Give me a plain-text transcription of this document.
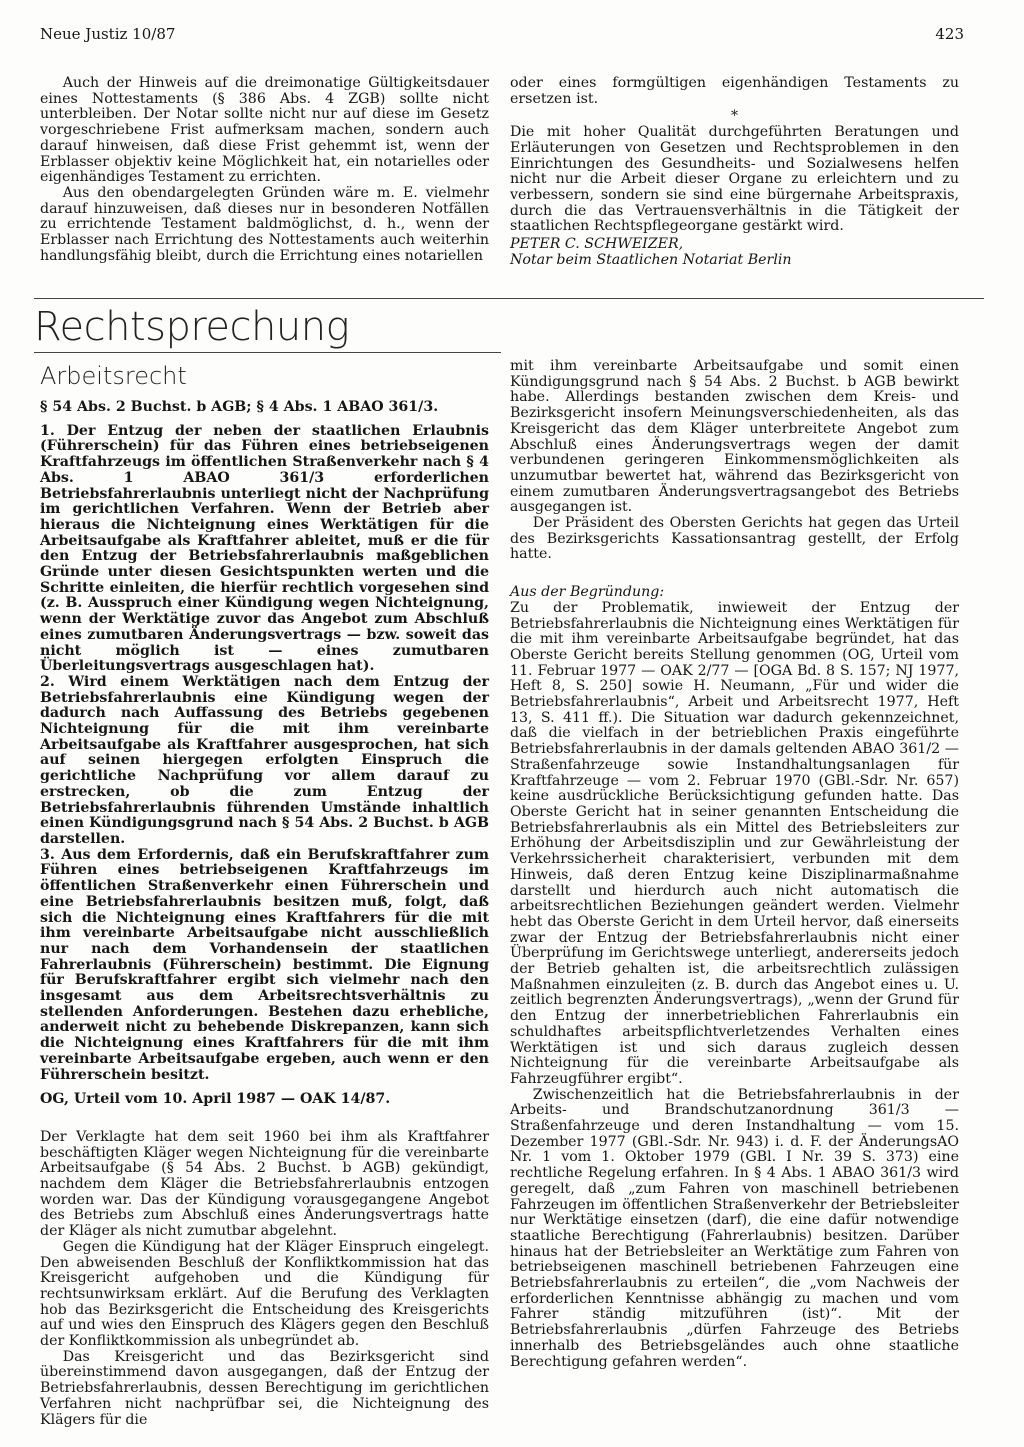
Neue Justiz 10/87	423

Auch der Hinweis auf die dreimonatige Gültigkeitsdauer eines Nottestaments (§ 386 Abs. 4 ZGB) sollte nicht unterbleiben. Der Notar sollte nicht nur auf diese im Gesetz vorgeschriebene Frist aufmerksam machen, sondern auch darauf hinweisen, daß diese Frist gehemmt ist, wenn der Erblasser objektiv keine Möglichkeit hat, ein notarielles oder eigenhändiges Testament zu errichten.

Aus den obendargelegten Gründen wäre m. E. vielmehr darauf hinzuweisen, daß dieses nur in besonderen Notfällen zu errichtende Testament baldmöglichst, d. h., wenn der Erblasser nach Errichtung des Nottestaments auch weiterhin handlungsfähig bleibt, durch die Errichtung eines notariellen

oder eines formgültigen eigenhändigen Testaments zu ersetzen ist.

*

Die mit hoher Qualität durchgeführten Beratungen und Erläuterungen von Gesetzen und Rechtsproblemen in den Einrichtungen des Gesundheits- und Sozialwesens helfen nicht nur die Arbeit dieser Organe zu erleichtern und zu verbessern, sondern sie sind eine bürgernahe Arbeitspraxis, durch die das Vertrauensverhältnis in die Tätigkeit der staatlichen Rechtspflegeorgane gestärkt wird.

PETER C. SCHWEIZER,

Notar beim Staatlichen Notariat Berlin

Rechtsprechung
Arbeitsrecht

§ 54 Abs. 2 Buchst. b AGB; § 4 Abs. 1 ABAO 361/3.

1. Der Entzug der neben der staatlichen Erlaubnis (Führerschein) für das Führen eines betriebseigenen Kraftfahrzeugs im öffentlichen Straßenverkehr nach § 4 Abs. 1 ABAO 361/3 erforderlichen Betriebsfahrerlaubnis unterliegt nicht der Nachprüfung im gerichtlichen Verfahren. Wenn der Betrieb aber hieraus die Nichteignung eines Werktätigen für die Arbeitsaufgabe als Kraftfahrer ableitet, muß er die für den Entzug der Betriebsfahrerlaubnis maßgeblichen Gründe unter diesen Gesichtspunkten werten und die Schritte einleiten, die hierfür rechtlich vorgesehen sind (z. B. Ausspruch einer Kündigung wegen Nichteignung, wenn der Werktätige zuvor das Angebot zum Abschluß eines zumutbaren Änderungsvertrags — bzw. soweit das nicht möglich ist — eines zumutbaren Überleitungsvertrags ausgeschlagen hat).

2. Wird einem Werktätigen nach dem Entzug der Betriebsfahrerlaubnis eine Kündigung wegen der dadurch nach Auffassung des Betriebs gegebenen Nichteignung für die mit ihm vereinbarte Arbeitsaufgabe als Kraftfahrer ausgesprochen, hat sich auf seinen hiergegen erfolgten Einspruch die gerichtliche Nachprüfung vor allem darauf zu erstrecken, ob die zum Entzug der Betriebsfahrerlaubnis führenden Umstände inhaltlich einen Kündigungsgrund nach § 54 Abs. 2 Buchst. b AGB darstellen.

3. Aus dem Erfordernis, daß ein Berufskraftfahrer zum Führen eines betriebseigenen Kraftfahrzeugs im öffentlichen Straßenverkehr einen Führerschein und eine Betriebsfahrerlaubnis besitzen muß, folgt, daß sich die Nichteignung eines Kraftfahrers für die mit ihm vereinbarte Arbeitsaufgabe nicht ausschließlich nur nach dem Vorhandensein der staatlichen Fahrerlaubnis (Führerschein) bestimmt. Die Eignung für Berufskraftfahrer ergibt sich vielmehr nach den insgesamt aus dem Arbeitsrechtsverhältnis zu stellenden Anforderungen. Bestehen dazu erhebliche, anderweit nicht zu behebende Diskrepanzen, kann sich die Nichteignung eines Kraftfahrers für die mit ihm vereinbarte Arbeitsaufgabe ergeben, auch wenn er den Führerschein besitzt.

OG, Urteil vom 10. April 1987 — OAK 14/87.

Der Verklagte hat dem seit 1960 bei ihm als Kraftfahrer beschäftigten Kläger wegen Nichteignung für die vereinbarte Arbeitsaufgabe (§ 54 Abs. 2 Buchst. b AGB) gekündigt, nachdem dem Kläger die Betriebsfahrerlaubnis entzogen worden war. Das der Kündigung vorausgegangene Angebot des Betriebs zum Abschluß eines Änderungsvertrags hatte der Kläger als nicht zumutbar abgelehnt.

Gegen die Kündigung hat der Kläger Einspruch eingelegt. Den abweisenden Beschluß der Konfliktkommission hat das Kreisgericht aufgehoben und die Kündigung für rechtsunwirksam erklärt. Auf die Berufung des Verklagten hob das Bezirksgericht die Entscheidung des Kreisgerichts auf und wies den Einspruch des Klägers gegen den Beschluß der Konfliktkommission als unbegründet ab.

Das Kreisgericht und das Bezirksgericht sind übereinstimmend davon ausgegangen, daß der Entzug der Betriebsfahrerlaubnis, dessen Berechtigung im gerichtlichen Verfahren nicht nachprüfbar sei, die Nichteignung des Klägers für die

mit ihm vereinbarte Arbeitsaufgabe und somit einen Kündigungsgrund nach § 54 Abs. 2 Buchst. b AGB bewirkt habe. Allerdings bestanden zwischen dem Kreis- und Bezirksgericht insofern Meinungsverschiedenheiten, als das Kreisgericht das dem Kläger unterbreitete Angebot zum Abschluß eines Änderungsvertrags wegen der damit verbundenen geringeren Einkommensmöglichkeiten als unzumutbar bewertet hat, während das Bezirksgericht von einem zumutbaren Änderungsvertragsangebot des Betriebs ausgegangen ist.

Der Präsident des Obersten Gerichts hat gegen das Urteil des Bezirksgerichts Kassationsantrag gestellt, der Erfolg hatte.

Aus der Begründung:

Zu der Problematik, inwieweit der Entzug der Betriebsfahrerlaubnis die Nichteignung eines Werktätigen für die mit ihm vereinbarte Arbeitsaufgabe begründet, hat das Oberste Gericht bereits Stellung genommen (OG, Urteil vom 11. Februar 1977 — OAK 2/77 — [OGA Bd. 8 S. 157; NJ 1977, Heft 8, S. 250] sowie H. Neumann, „Für und wider die Betriebsfahrerlaubnis“, Arbeit und Arbeitsrecht 1977, Heft 13, S. 411 ff.). Die Situation war dadurch gekennzeichnet, daß die vielfach in der betrieblichen Praxis eingeführte Betriebsfahrerlaubnis in der damals geltenden ABAO 361/2 — Straßenfahrzeuge sowie Instandhaltungsanlagen für Kraftfahrzeuge — vom 2. Februar 1970 (GBl.-Sdr. Nr. 657) keine ausdrückliche Berücksichtigung gefunden hatte. Das Oberste Gericht hat in seiner genannten Entscheidung die Betriebsfahrerlaubnis als ein Mittel des Betriebsleiters zur Erhöhung der Arbeitsdisziplin und zur Gewährleistung der Verkehrssicherheit charakterisiert, verbunden mit dem Hinweis, daß deren Entzug keine Disziplinarmaßnahme darstellt und hierdurch auch nicht automatisch die arbeitsrechtlichen Beziehungen geändert werden. Vielmehr hebt das Oberste Gericht in dem Urteil hervor, daß einerseits zwar der Entzug der Betriebsfahrerlaubnis nicht einer Überprüfung im Gerichtswege unterliegt, andererseits jedoch der Betrieb gehalten ist, die arbeitsrechtlich zulässigen Maßnahmen einzuleiten (z. B. durch das Angebot eines u. U. zeitlich begrenzten Änderungsvertrags), „wenn der Grund für den Entzug der innerbetrieblichen Fahrerlaubnis ein schuldhaftes arbeitspflichtverletzendes Verhalten eines Werktätigen ist und sich daraus zugleich dessen Nichteignung für die vereinbarte Arbeitsaufgabe als Fahrzeugführer ergibt“.

Zwischenzeitlich hat die Betriebsfahrerlaubnis in der Arbeits- und Brandschutzanordnung 361/3 — Straßenfahrzeuge und deren Instandhaltung — vom 15. Dezember 1977 (GBl.-Sdr. Nr. 943) i. d. F. der ÄnderungsAO Nr. 1 vom 1. Oktober 1979 (GBl. I Nr. 39 S. 373) eine rechtliche Regelung erfahren. In § 4 Abs. 1 ABAO 361/3 wird geregelt, daß „zum Fahren von maschinell betriebenen Fahrzeugen im öffentlichen Straßenverkehr der Betriebsleiter nur Werktätige einsetzen (darf), die eine dafür notwendige staatliche Berechtigung (Fahrerlaubnis) besitzen. Darüber hinaus hat der Betriebsleiter an Werktätige zum Fahren von betriebseigenen maschinell betriebenen Fahrzeugen eine Betriebsfahrerlaubnis zu erteilen“, die „vom Nachweis der erforderlichen Kenntnisse abhängig zu machen und vom Fahrer ständig mitzuführen (ist)“. Mit der Betriebsfahrerlaubnis „dürfen Fahrzeuge des Betriebs innerhalb des Betriebsgeländes auch ohne staatliche Berechtigung gefahren werden“.
